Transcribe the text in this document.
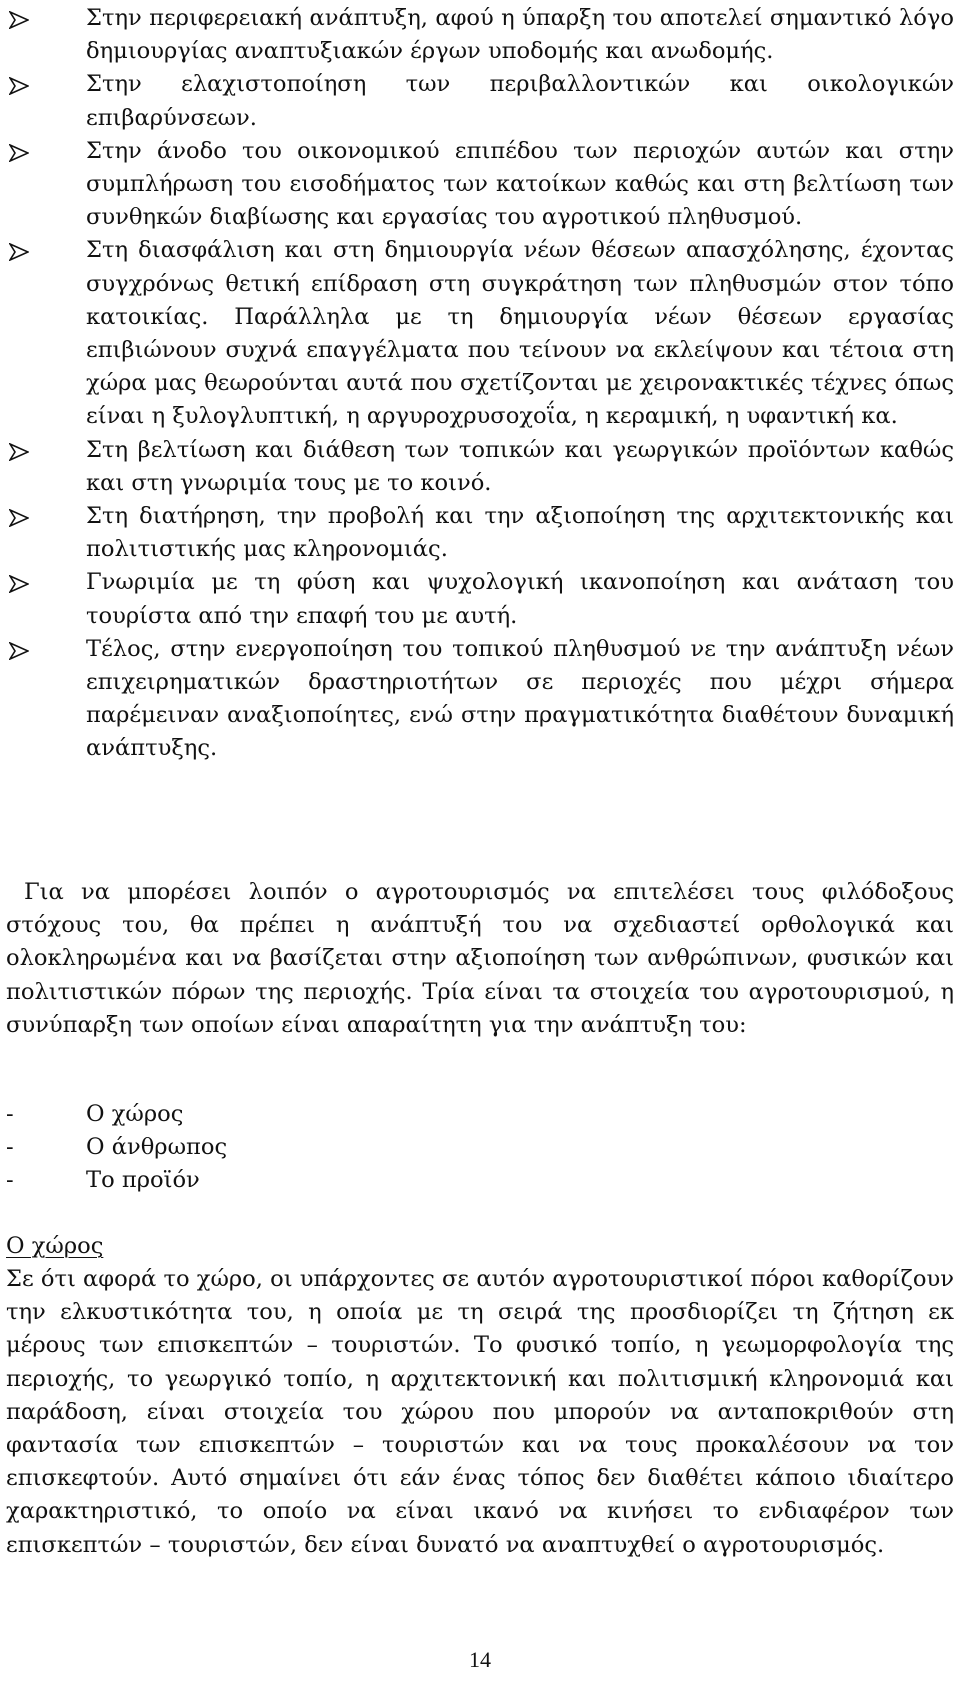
Στην περιφερειακή ανάπτυξη, αφού η ύπαρξη του αποτελεί σημαντικό λόγο δημιουργίας αναπτυξιακών έργων υποδομής και ανωδομής.
Στην ελαχιστοποίηση των περιβαλλοντικών και οικολογικών επιβαρύνσεων.
Στην άνοδο του οικονομικού επιπέδου των περιοχών αυτών και στην συμπλήρωση του εισοδήματος των κατοίκων καθώς και στη βελτίωση των συνθηκών διαβίωσης και εργασίας του αγροτικού πληθυσμού.
Στη διασφάλιση και στη δημιουργία νέων θέσεων απασχόλησης, έχοντας συγχρόνως θετική επίδραση στη συγκράτηση των πληθυσμών στον τόπο κατοικίας. Παράλληλα με τη δημιουργία νέων θέσεων εργασίας επιβιώνουν συχνά επαγγέλματα που τείνουν να εκλείψουν και τέτοια στη χώρα μας θεωρούνται αυτά που σχετίζονται με χειρονακτικές τέχνες όπως είναι η ξυλογλυπτική, η αργυροχρυσοχοΐα, η κεραμική, η υφαντική κα.
Στη βελτίωση και διάθεση των τοπικών και γεωργικών προϊόντων καθώς και στη γνωριμία τους με το κοινό.
Στη διατήρηση, την προβολή και την αξιοποίηση της αρχιτεκτονικής και πολιτιστικής μας κληρονομιάς.
Γνωριμία με τη φύση και ψυχολογική ικανοποίηση και ανάταση του τουρίστα από την επαφή του με αυτή.
Τέλος, στην ενεργοποίηση του τοπικού πληθυσμού νε την ανάπτυξη νέων επιχειρηματικών δραστηριοτήτων σε περιοχές που μέχρι σήμερα παρέμειναν αναξιοποίητες, ενώ στην πραγματικότητα διαθέτουν δυναμική ανάπτυξης.

Για να μπορέσει λοιπόν ο αγροτουρισμός να επιτελέσει τους φιλόδοξους στόχους του, θα πρέπει η ανάπτυξή του να σχεδιαστεί ορθολογικά και ολοκληρωμένα και να βασίζεται στην αξιοποίηση των ανθρώπινων, φυσικών και πολιτιστικών πόρων της περιοχής. Τρία είναι τα στοιχεία του αγροτουρισμού, η συνύπαρξη των οποίων είναι απαραίτητη για την ανάπτυξη του:

-	Ο χώρος
-	Ο άνθρωπος
-	Το προϊόν
Ο χώρος

Σε ότι αφορά το χώρο, οι υπάρχοντες σε αυτόν αγροτουριστικοί πόροι καθορίζουν την ελκυστικότητα του, η οποία με τη σειρά της προσδιορίζει τη ζήτηση εκ μέρους των επισκεπτών – τουριστών. Το φυσικό τοπίο, η γεωμορφολογία της περιοχής, το γεωργικό τοπίο, η αρχιτεκτονική και πολιτισμική κληρονομιά και παράδοση, είναι στοιχεία του χώρου που μπορούν να ανταποκριθούν στη φαντασία των επισκεπτών – τουριστών και να τους προκαλέσουν να τον επισκεφτούν. Αυτό σημαίνει ότι εάν ένας τόπος δεν διαθέτει κάποιο ιδιαίτερο χαρακτηριστικό, το οποίο να είναι ικανό να κινήσει το ενδιαφέρον των επισκεπτών – τουριστών, δεν είναι δυνατό να αναπτυχθεί ο αγροτουρισμός.

14
